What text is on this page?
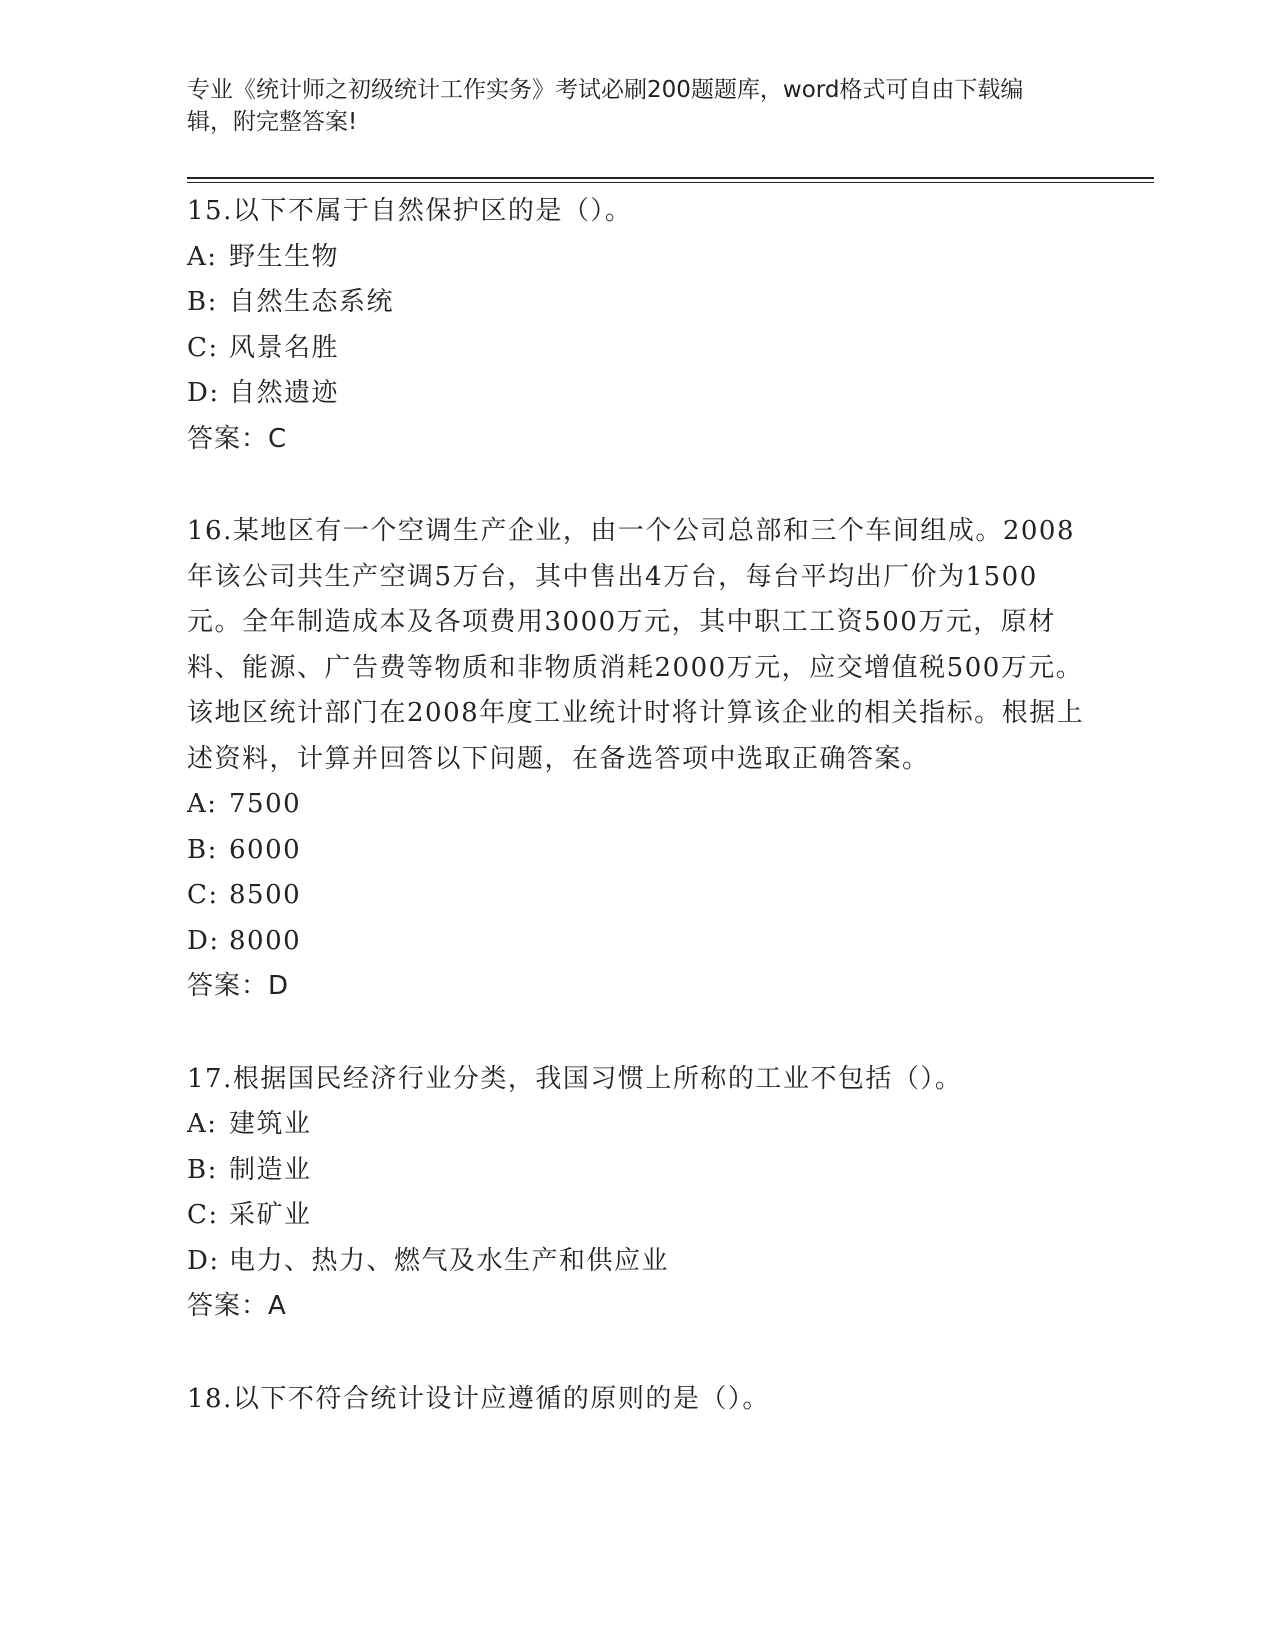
专业《统计师之初级统计工作实务》考试必刷200题题库，word格式可自由下载编辑，附完整答案!

15.以下不属于自然保护区的是（）。

A: 野生生物

B: 自然生态系统

C: 风景名胜

D: 自然遗迹

答案：C

16.某地区有一个空调生产企业，由一个公司总部和三个车间组成。2008年该公司共生产空调5万台，其中售出4万台，每台平均出厂价为1500元。全年制造成本及各项费用3000万元，其中职工工资500万元，原材料、能源、广告费等物质和非物质消耗2000万元，应交增值税500万元。该地区统计部门在2008年度工业统计时将计算该企业的相关指标。根据上述资料，计算并回答以下问题，在备选答项中选取正确答案。

A: 7500

B: 6000

C: 8500

D: 8000

答案：D

17.根据国民经济行业分类，我国习惯上所称的工业不包括（）。

A: 建筑业

B: 制造业

C: 采矿业

D: 电力、热力、燃气及水生产和供应业

答案：A

18.以下不符合统计设计应遵循的原则的是（）。
